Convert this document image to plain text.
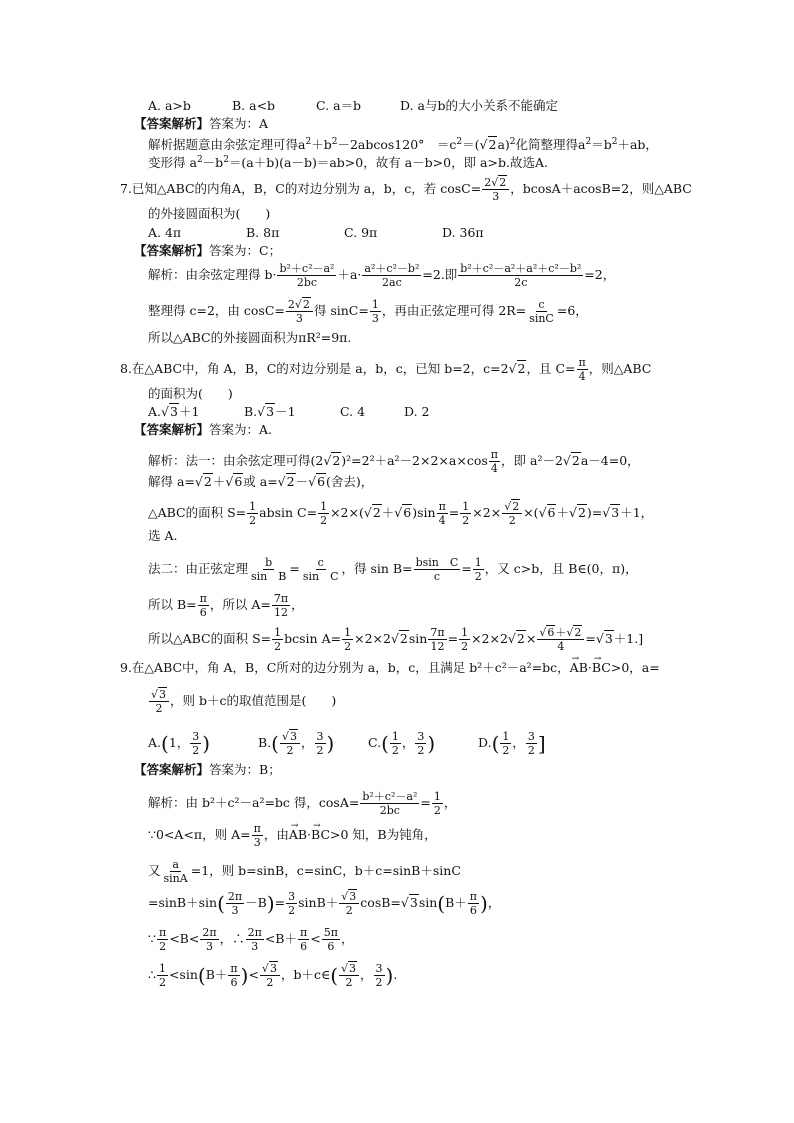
A. a>b	B. a<b	C. a＝b	D. a与b的大小关系不能确定
【答案解析】答案为：A
解析据题意由余弦定理可得$a^2+b^2-2abcos120^\circ$　$=c^2=(√2a)^2$化简整理得$a^2=b^2+ab$，
变形得 $a^2-b^2=(a+b)(a-b)=ab>0$，故有 a－b>0，即 a>b.故选A.
7.已知△ABC的内角A，B，C的对边分别为 a，b，c，若 $\cos C= \frac{2√2}{3}$ ，bcosA＋acosB=2，则△ABC
的外接圆面积为(　　)
A. 4π	B. 8π	C. 9π	D. 36π
【答案解析】答案为：C；
解析：由余弦定理得 $b\cdot \frac{\text{b²＋c²－a²}}{2bc} +a\cdot \frac{\text{a²＋c²－b²}}{2ac} =2$.即 $\frac{\text{b²＋c²－a²＋a²＋c²－b²}}{2c} =2$，
整理得 c=2，由 $\cos C= \frac{2√2}{3}$ 得 $\sin C= \frac{1}{3}$ ，再由正弦定理可得 $2R= \frac{c}{\sin C} =6$，
所以△ABC的外接圆面积为πR²=9π.
8.在△ABC中，角 A，B，C的对边分别是 a，b，c，已知 b=2，c=2√2，且 $C= \frac{\pi}{4}$ ，则△ABC
的面积为(　　)
A.√3＋1	B.√3－1	C. 4	D. 2
【答案解析】答案为：A.
解析：法一：由余弦定理可得$(2√2)^2=2^2+a^2-2\times 2\times a\times\cos \frac{\pi}{4}$ ，即 a²－2√2a－4=0，
解得 a=√2＋√6或 a=√2－√6(舍去)，
△ABC的面积 $S= \frac{1}{2}$ absin $C= \frac{1}{2} \times 2\times(√2+√6)\sin \frac{\pi}{4} = \frac{1}{2} \times 2\times \frac{√2}{2} \times(√6+√2)=√3+1$，
选 A.
法二：由正弦定理 $\frac{b}{\text{sin　B}} = \frac{c}{\text{sin　C}}$ ，得 $\sin B= \frac{\text{bsin　C}}{c} = \frac{1}{2}$ ，又 c>b，且 B∈(0，π)，
所以 $B= \frac{\pi}{6}$ ，所以 $A= \frac{7\pi}{12}$ ，
所以△ABC的面积 $S= \frac{1}{2}$ bcsin $A= \frac{1}{2} \times 2\times 2√2\sin \frac{7\pi}{12} = \frac{1}{2} \times 2\times 2√2\times \frac{√6+√2}{4} =√3+1$.]
9.在△ABC中，角 A，B，C所对的边分别为 a，b，c，且满足 b²＋c²－a²=bc，→ AB·→ BC>0，a=
$\frac{√3}{2}$ ，则 b＋c的取值范围是(　　)
A.(1， $\frac{3}{2}$ )	$B.( \frac{√3}{2}$ ， $\frac{3}{2}$ )	$C.( \frac{1}{2}$ ， $\frac{3}{2}$ )	$D.( \frac{1}{2}$ ， $\frac{3}{2}$ ]
【答案解析】答案为：B；
解析：由 b²＋c²－a²=bc 得，$\cos A= \frac{\text{b²＋c²－a²}}{2bc} = \frac{1}{2}$ ，
∵0<A<π，则 $A= \frac{\pi}{3}$ ，由→ AB·→ BC>0 知，B为钝角，
又 $\frac{a}{\sin A} =1$，则 b=sinB，c=sinC，b＋c=sinB＋sinC
$=\sin B+\sin( \frac{2\pi}{3} -B)= \frac{3}{2} \sin B+ \frac{√3}{2} \cos B=√3\sin(B+ \frac{\pi}{6}$ )，
∵ $\frac{\pi}{2} <B< \frac{2\pi}{3}$ ，∴ $\frac{2\pi}{3} <B+ \frac{\pi}{6} < \frac{5\pi}{6}$ ，
∴ $\frac{1}{2} <\sin(B+ \frac{\pi}{6}$ )< $\frac{√3}{2}$ ，b＋c∈( $\frac{√3}{2}$ ， $\frac{3}{2}$ ).
